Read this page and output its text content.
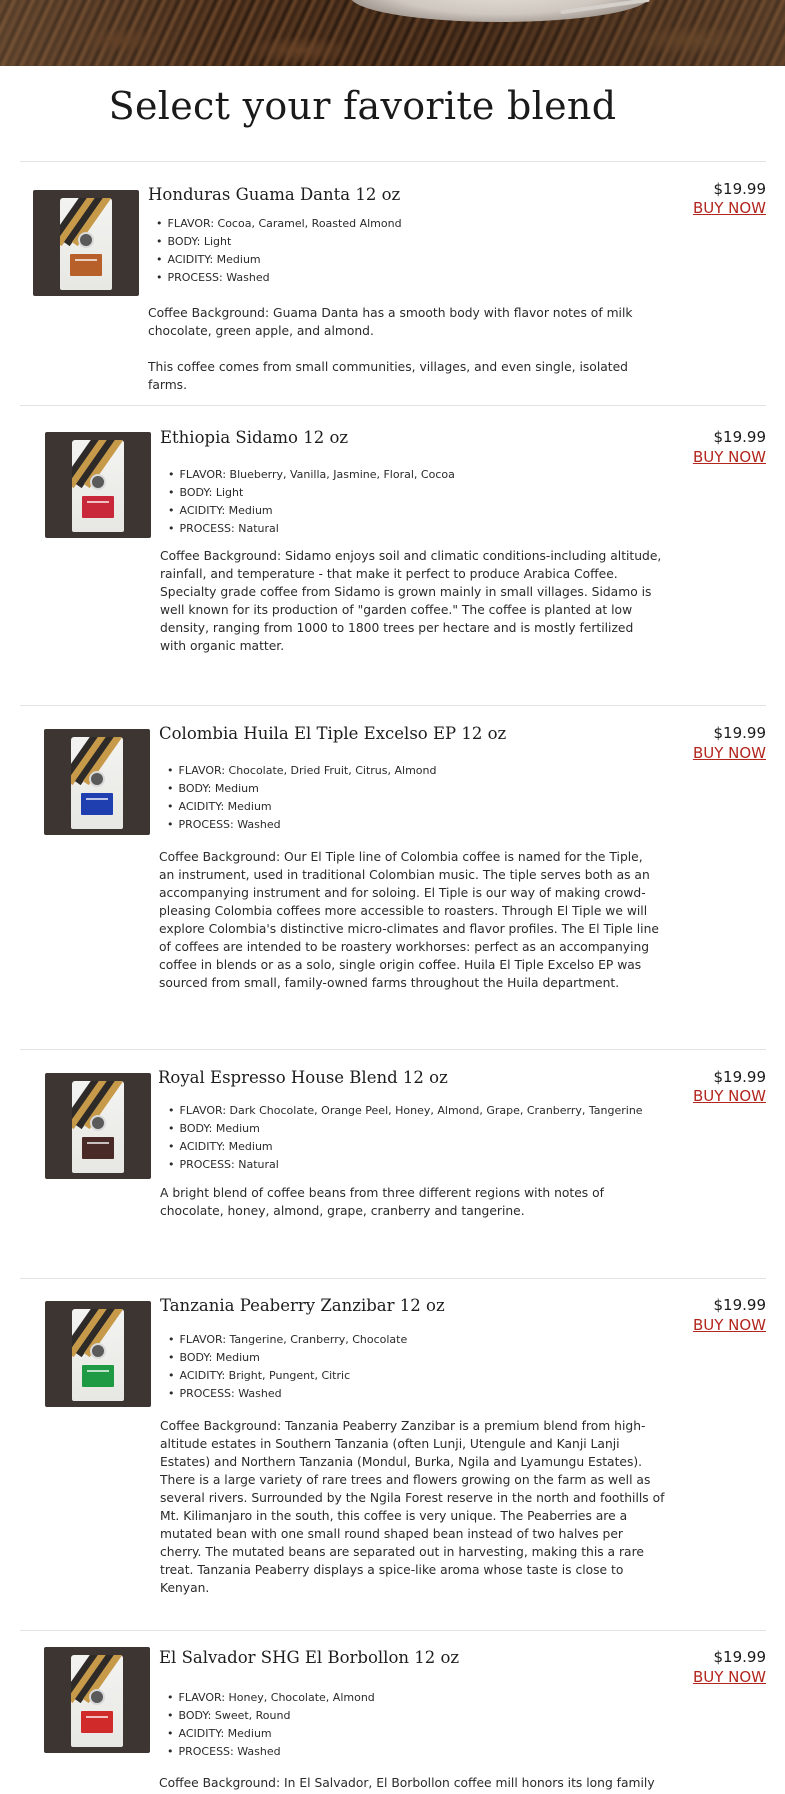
Select your favorite blend
Honduras Guama Danta 12 oz
• FLAVOR: Cocoa, Caramel, Roasted Almond
• BODY: Light
• ACIDITY: Medium
• PROCESS: Washed

Coffee Background: Guama Danta has a smooth body with flavor notes of milk chocolate, green apple, and almond.

This coffee comes from small communities, villages, and even single, isolated farms.

$19.99
BUY NOW
Ethiopia Sidamo 12 oz
• FLAVOR: Blueberry, Vanilla, Jasmine, Floral, Cocoa
• BODY: Light
• ACIDITY: Medium
• PROCESS: Natural

Coffee Background: Sidamo enjoys soil and climatic conditions-including altitude, rainfall, and temperature - that make it perfect to produce Arabica Coffee. Specialty grade coffee from Sidamo is grown mainly in small villages. Sidamo is well known for its production of "garden coffee." The coffee is planted at low density, ranging from 1000 to 1800 trees per hectare and is mostly fertilized with organic matter.

$19.99
BUY NOW
Colombia Huila El Tiple Excelso EP 12 oz
• FLAVOR: Chocolate, Dried Fruit, Citrus, Almond
• BODY: Medium
• ACIDITY: Medium
• PROCESS: Washed

Coffee Background: Our El Tiple line of Colombia coffee is named for the Tiple, an instrument, used in traditional Colombian music. The tiple serves both as an accompanying instrument and for soloing. El Tiple is our way of making crowd-pleasing Colombia coffees more accessible to roasters. Through El Tiple we will explore Colombia's distinctive micro-climates and flavor profiles. The El Tiple line of coffees are intended to be roastery workhorses: perfect as an accompanying coffee in blends or as a solo, single origin coffee. Huila El Tiple Excelso EP was sourced from small, family-owned farms throughout the Huila department.

$19.99
BUY NOW
Royal Espresso House Blend 12 oz
• FLAVOR: Dark Chocolate, Orange Peel, Honey, Almond, Grape, Cranberry, Tangerine
• BODY: Medium
• ACIDITY: Medium
• PROCESS: Natural

A bright blend of coffee beans from three different regions with notes of chocolate, honey, almond, grape, cranberry and tangerine.

$19.99
BUY NOW
Tanzania Peaberry Zanzibar 12 oz
• FLAVOR: Tangerine, Cranberry, Chocolate
• BODY: Medium
• ACIDITY: Bright, Pungent, Citric
• PROCESS: Washed

Coffee Background: Tanzania Peaberry Zanzibar is a premium blend from high-altitude estates in Southern Tanzania (often Lunji, Utengule and Kanji Lanji Estates) and Northern Tanzania (Mondul, Burka, Ngila and Lyamungu Estates). There is a large variety of rare trees and flowers growing on the farm as well as several rivers. Surrounded by the Ngila Forest reserve in the north and foothills of Mt. Kilimanjaro in the south, this coffee is very unique. The Peaberries are a mutated bean with one small round shaped bean instead of two halves per cherry. The mutated beans are separated out in harvesting, making this a rare treat. Tanzania Peaberry displays a spice-like aroma whose taste is close to Kenyan.

$19.99
BUY NOW
El Salvador SHG El Borbollon 12 oz
• FLAVOR: Honey, Chocolate, Almond
• BODY: Sweet, Round
• ACIDITY: Medium
• PROCESS: Washed

Coffee Background: In El Salvador, El Borbollon coffee mill honors its long family

$19.99
BUY NOW
